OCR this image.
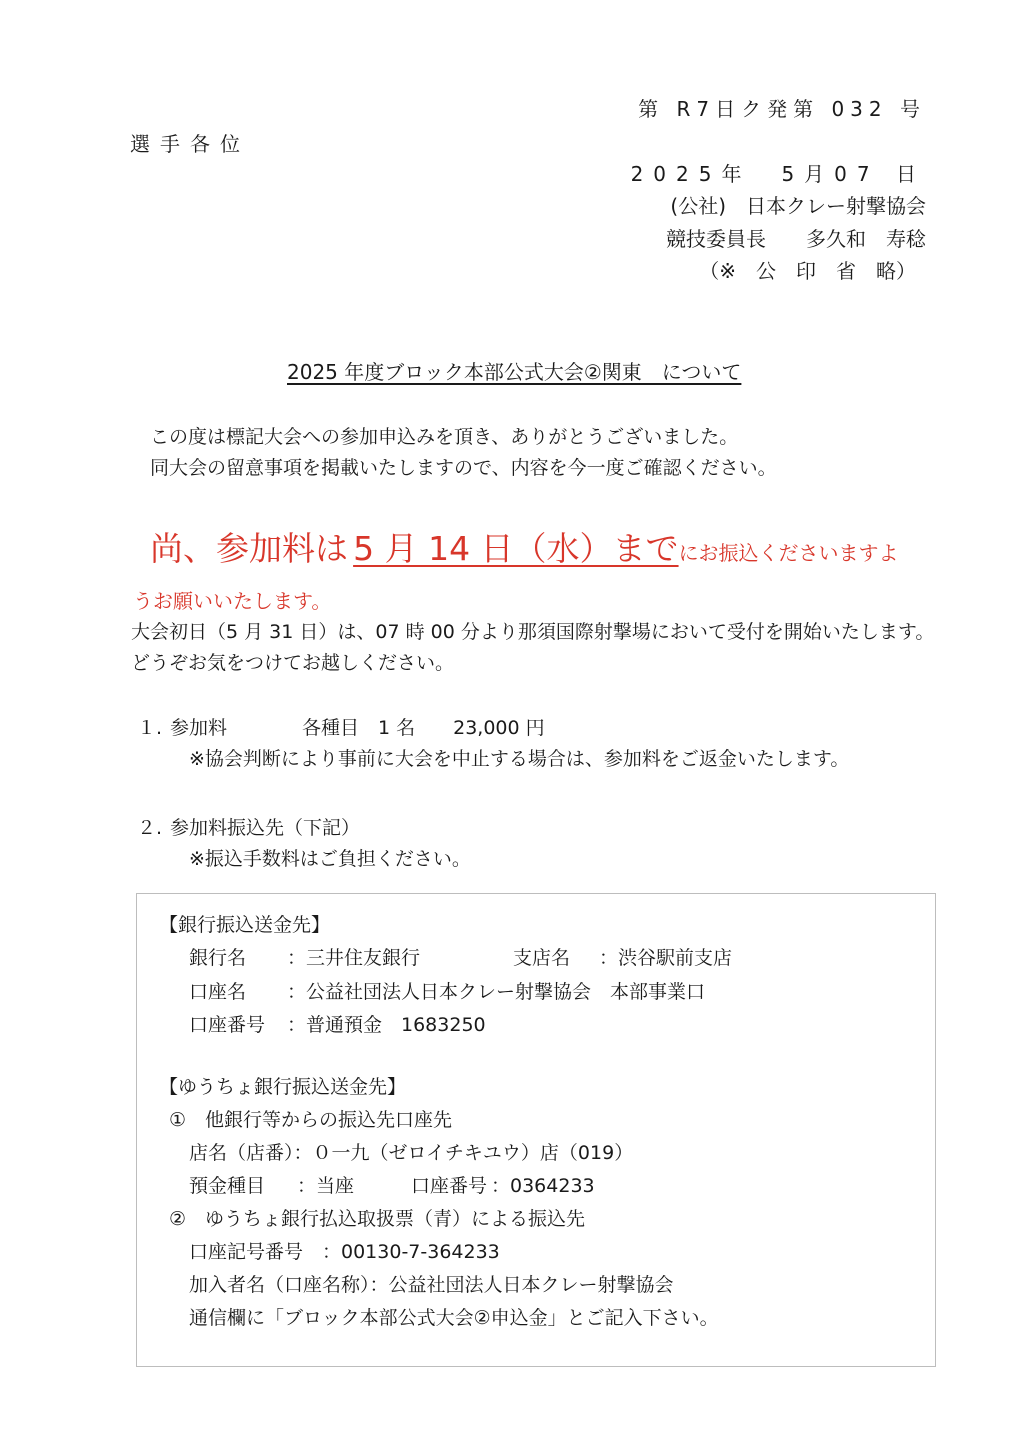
第 R7日ク発第 032 号
選手各位
2025年　5月07 日
(公社)　日本クレー射撃協会
競技委員長　　多久和　寿稔
（※　公　印　省　略）
2025 年度ブロック本部公式大会②関東　について
この度は標記大会への参加申込みを頂き、ありがとうございました。
同大会の留意事項を掲載いたしますので、内容を今一度ご確認ください。
尚、参加料は 5 月 14 日（水）までにお振込くださいますよ
うお願いいたします。
大会初日（5 月 31 日）は、07 時 00 分より那須国際射撃場において受付を開始いたします。
どうぞお気をつけてお越しください。
１. 参加料	各種目　1 名　　23,000 円
※協会判断により事前に大会を中止する場合は、参加料をご返金いたします。
２. 参加料振込先（下記）
※振込手数料はご負担ください。
【銀行振込送金先】
銀行名 ：三井住友銀行	支店名 ：渋谷駅前支店
口座名 ：公益社団法人日本クレー射撃協会　本部事業口
口座番号 ：普通預金　1683250
【ゆうちょ銀行振込送金先】
①　他銀行等からの振込先口座先
店名（店番）：０一九（ゼロイチキユウ）店（019）
預金種目 ：当座	口座番号 ：0364233
②　ゆうちょ銀行払込取扱票（青）による振込先
口座記号番号　：00130-7-364233
加入者名（口座名称）：公益社団法人日本クレー射撃協会
通信欄に「ブロック本部公式大会②申込金」とご記入下さい。
